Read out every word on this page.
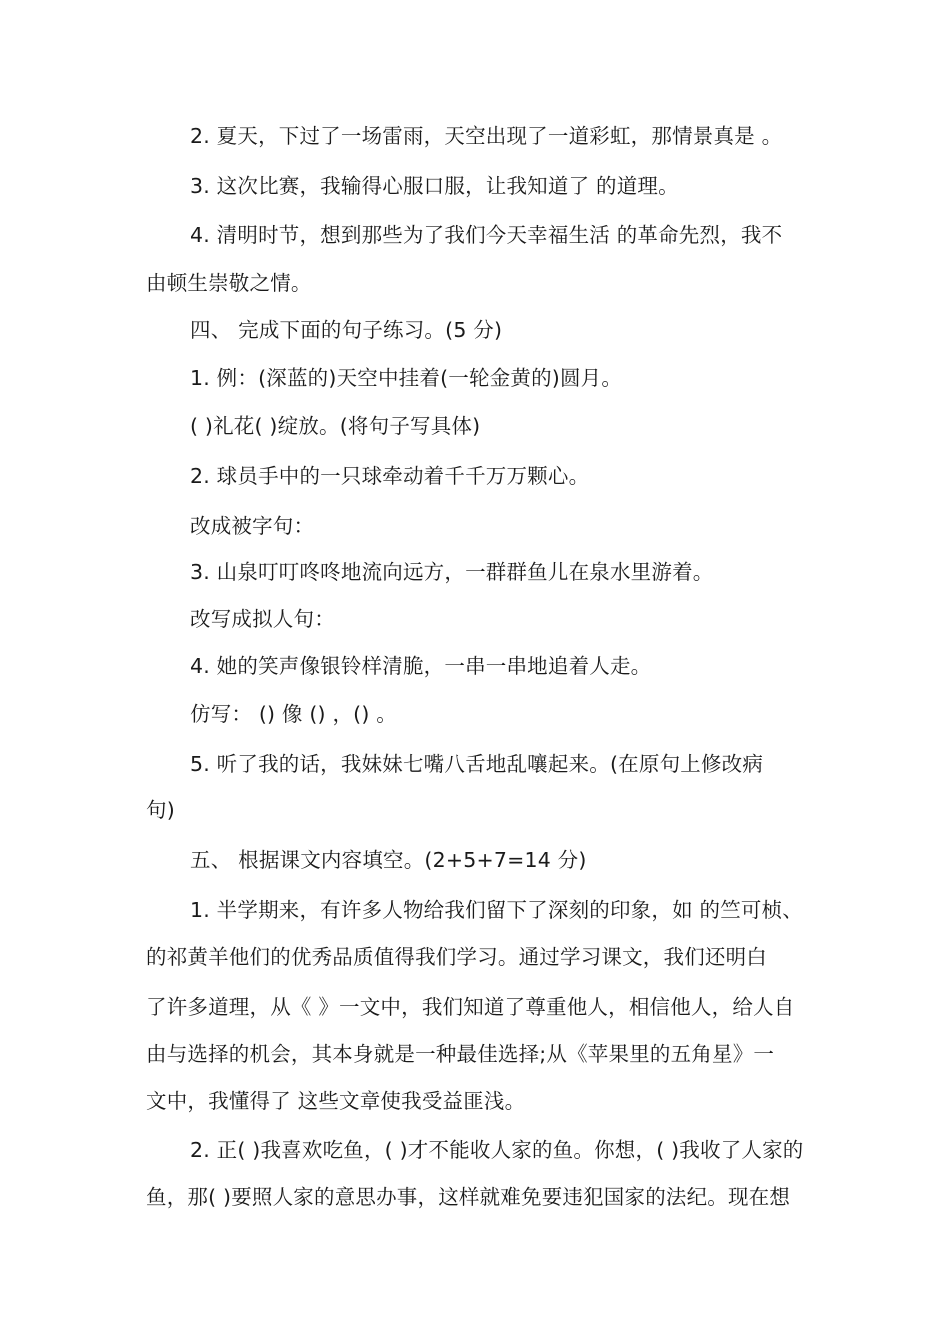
2. 夏天，下过了一场雷雨，天空出现了一道彩虹，那情景真是 。
3. 这次比赛，我输得心服口服，让我知道了 的道理。
4. 清明时节，想到那些为了我们今天幸福生活 的革命先烈，我不
由顿生崇敬之情。
四、 完成下面的句子练习。(5 分)
1. 例：(深蓝的)天空中挂着(一轮金黄的)圆月。
( )礼花( )绽放。(将句子写具体)
2. 球员手中的一只球牵动着千千万万颗心。
改成被字句：
3. 山泉叮叮咚咚地流向远方，一群群鱼儿在泉水里游着。
改写成拟人句：
4. 她的笑声像银铃样清脆，一串一串地追着人走。
仿写： () 像 () ，() 。
5. 听了我的话，我妹妹七嘴八舌地乱嚷起来。(在原句上修改病
句)
五、 根据课文内容填空。(2+5+7=14 分)
1. 半学期来，有许多人物给我们留下了深刻的印象，如 的竺可桢、
的祁黄羊他们的优秀品质值得我们学习。通过学习课文，我们还明白
了许多道理，从《 》一文中，我们知道了尊重他人，相信他人，给人自
由与选择的机会，其本身就是一种最佳选择;从《苹果里的五角星》一
文中，我懂得了 这些文章使我受益匪浅。
2. 正( )我喜欢吃鱼，( )才不能收人家的鱼。你想，( )我收了人家的
鱼，那( )要照人家的意思办事，这样就难免要违犯国家的法纪。现在想
